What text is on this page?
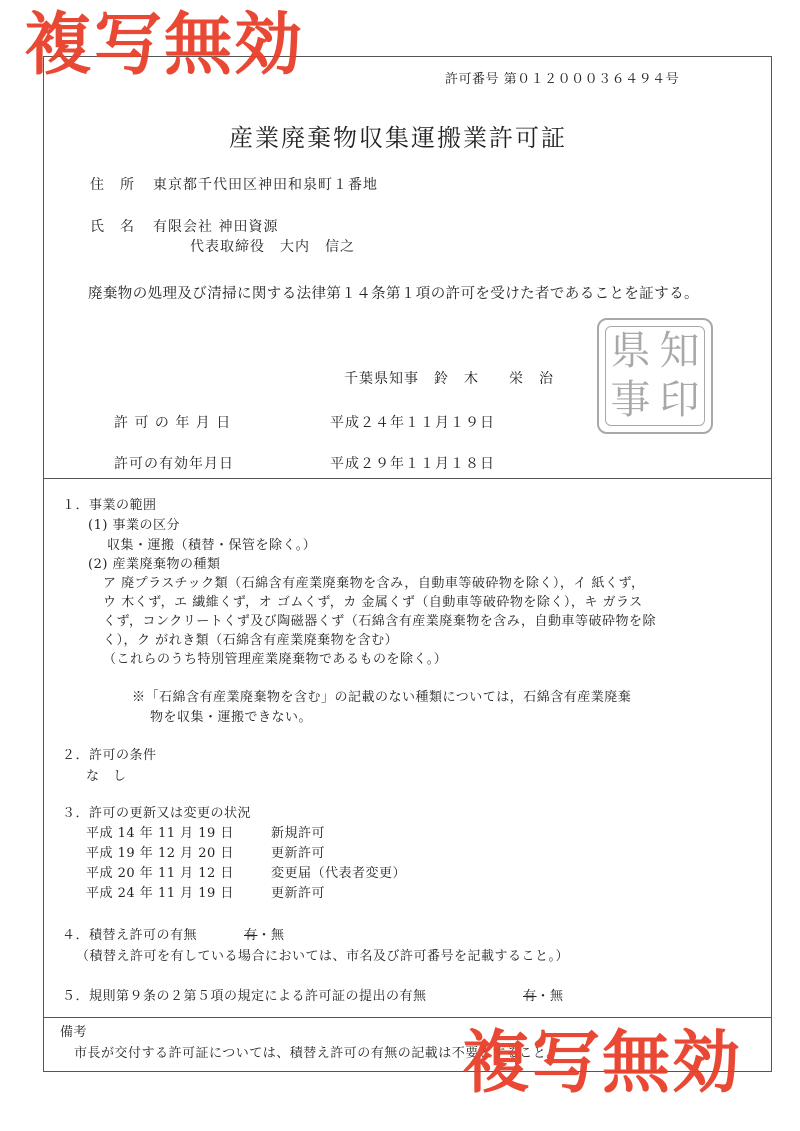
許可番号 第０１２０００３６４９４号
産業廃棄物収集運搬業許可証
住　所 東京都千代田区神田和泉町１番地
氏　名 有限会社 神田資源
代表取締役　大内　信之
廃棄物の処理及び清掃に関する法律第１４条第１項の許可を受けた者であることを証する。
千葉県知事　鈴　木　　栄　治
県 知
事 印
許 可 の 年 月 日	平成２４年１１月１９日
許可の有効年月日	平成２９年１１月１８日
１．事業の範囲
(1) 事業の区分
収集・運搬（積替・保管を除く。）
(2) 産業廃棄物の種類
ア 廃プラスチック類（石綿含有産業廃棄物を含み，自動車等破砕物を除く），イ 紙くず，
ウ 木くず，エ 繊維くず，オ ゴムくず，カ 金属くず（自動車等破砕物を除く），キ ガラス
くず，コンクリートくず及び陶磁器くず（石綿含有産業廃棄物を含み，自動車等破砕物を除
く），ク がれき類（石綿含有産業廃棄物を含む）
（これらのうち特別管理産業廃棄物であるものを除く。）
※「石綿含有産業廃棄物を含む」の記載のない種類については，石綿含有産業廃棄
物を収集・運搬できない。
２．許可の条件
な　し
３．許可の更新又は変更の状況
平成 14 年 11 月 19 日	新規許可
平成 19 年 12 月 20 日	更新許可
平成 20 年 11 月 12 日	変更届（代表者変更）
平成 24 年 11 月 19 日	更新許可
４．積替え許可の有無	有・無
（積替え許可を有している場合においては、市名及び許可番号を記載すること。）
５．規則第９条の２第５項の規定による許可証の提出の有無	有・無
備考
市長が交付する許可証については、積替え許可の有無の記載は不要とすること。
複写無効
複写無効
